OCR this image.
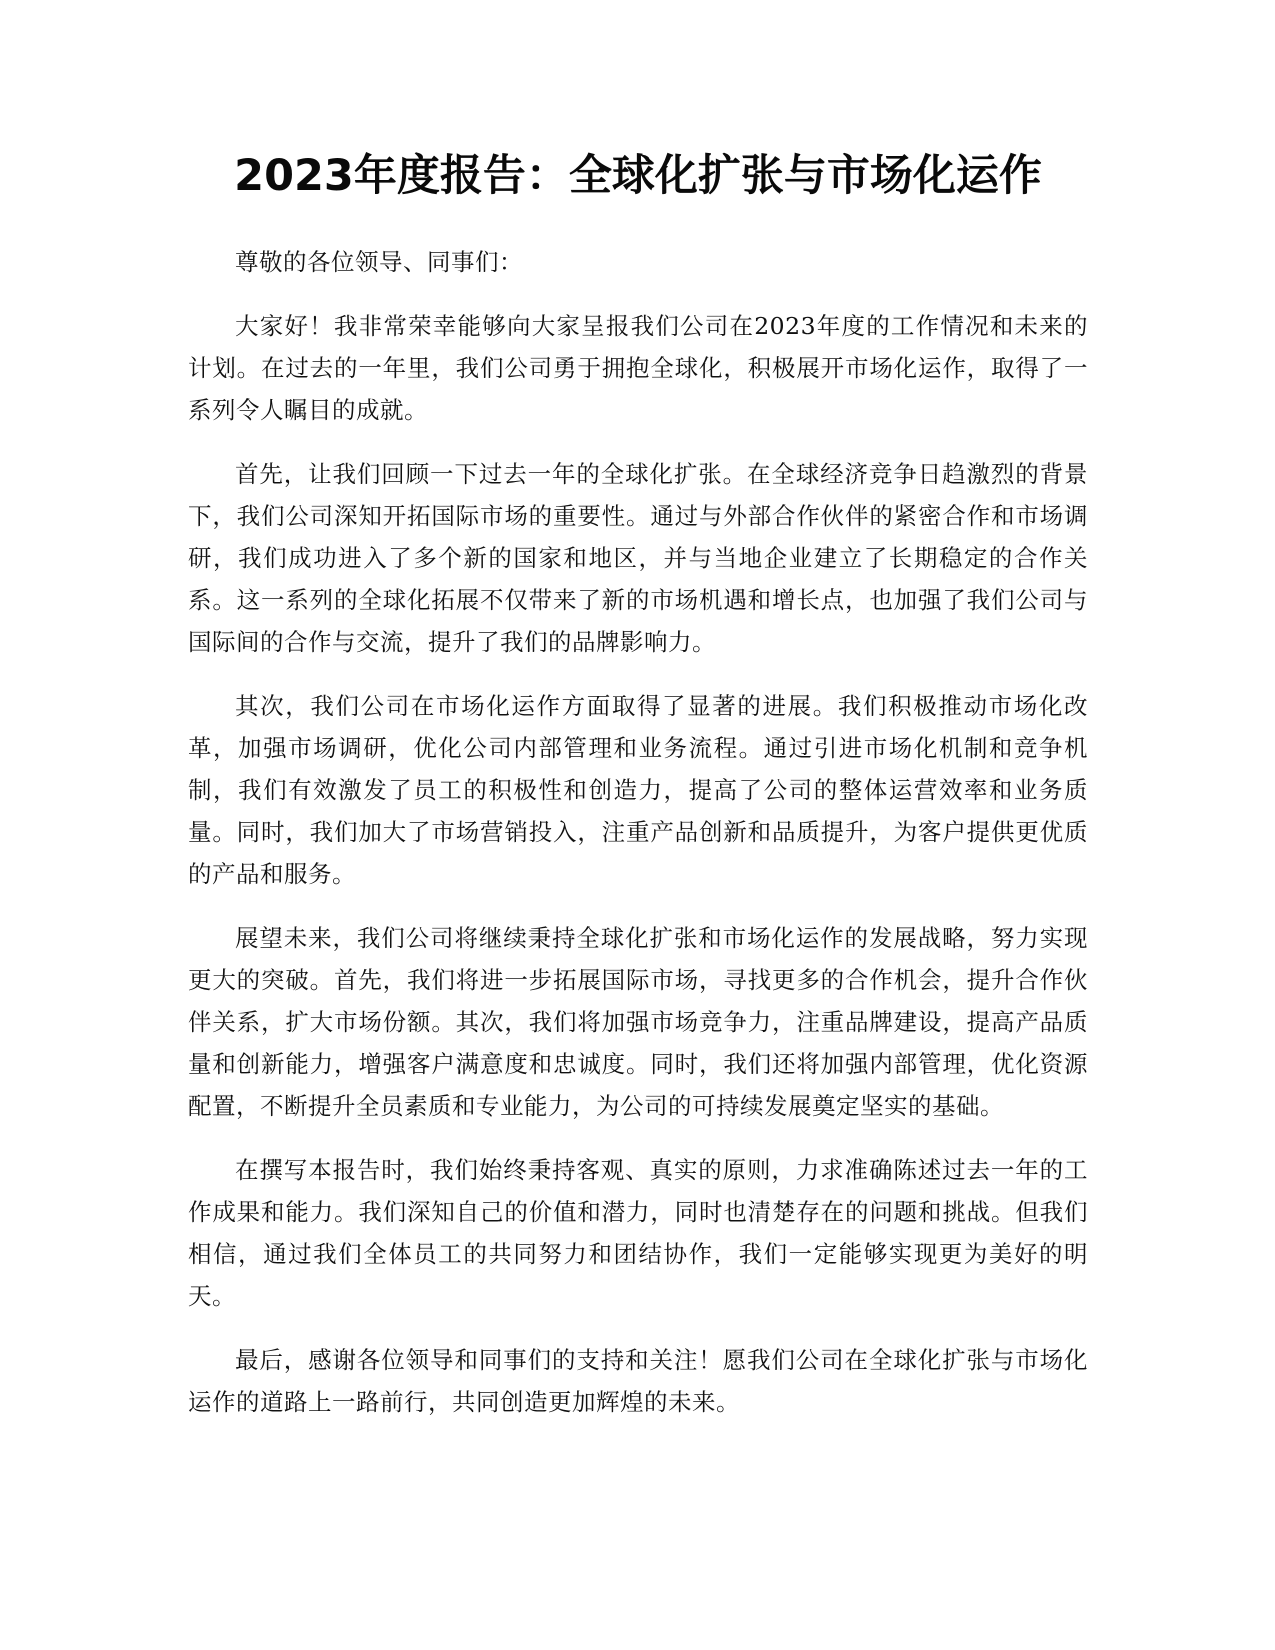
2023年度报告：全球化扩张与市场化运作

尊敬的各位领导、同事们：

大家好！我非常荣幸能够向大家呈报我们公司在2023年度的工作情况和未来的计划。在过去的一年里，我们公司勇于拥抱全球化，积极展开市场化运作，取得了一系列令人瞩目的成就。

首先，让我们回顾一下过去一年的全球化扩张。在全球经济竞争日趋激烈的背景下，我们公司深知开拓国际市场的重要性。通过与外部合作伙伴的紧密合作和市场调研，我们成功进入了多个新的国家和地区，并与当地企业建立了长期稳定的合作关系。这一系列的全球化拓展不仅带来了新的市场机遇和增长点，也加强了我们公司与国际间的合作与交流，提升了我们的品牌影响力。

其次，我们公司在市场化运作方面取得了显著的进展。我们积极推动市场化改革，加强市场调研，优化公司内部管理和业务流程。通过引进市场化机制和竞争机制，我们有效激发了员工的积极性和创造力，提高了公司的整体运营效率和业务质量。同时，我们加大了市场营销投入，注重产品创新和品质提升，为客户提供更优质的产品和服务。

展望未来，我们公司将继续秉持全球化扩张和市场化运作的发展战略，努力实现更大的突破。首先，我们将进一步拓展国际市场，寻找更多的合作机会，提升合作伙伴关系，扩大市场份额。其次，我们将加强市场竞争力，注重品牌建设，提高产品质量和创新能力，增强客户满意度和忠诚度。同时，我们还将加强内部管理，优化资源配置，不断提升全员素质和专业能力，为公司的可持续发展奠定坚实的基础。

在撰写本报告时，我们始终秉持客观、真实的原则，力求准确陈述过去一年的工作成果和能力。我们深知自己的价值和潜力，同时也清楚存在的问题和挑战。但我们相信，通过我们全体员工的共同努力和团结协作，我们一定能够实现更为美好的明天。

最后，感谢各位领导和同事们的支持和关注！愿我们公司在全球化扩张与市场化运作的道路上一路前行，共同创造更加辉煌的未来。
